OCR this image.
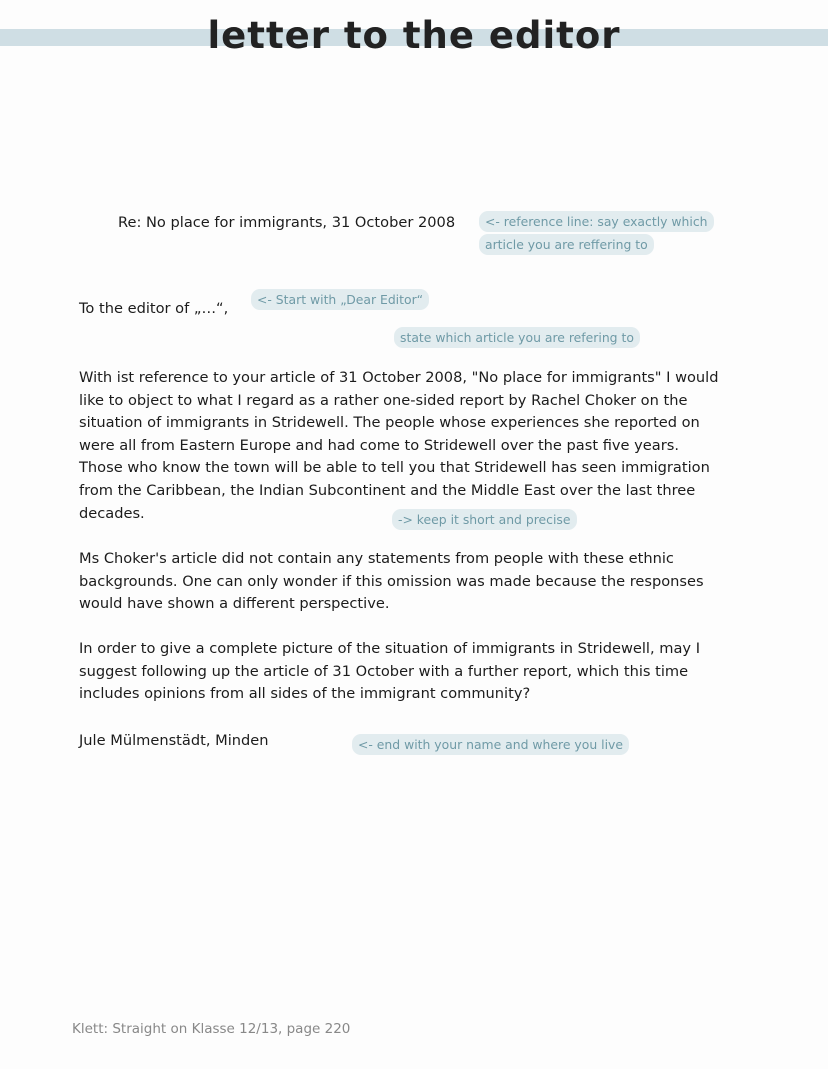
letter to the editor

Re: No place for immigrants, 31 October 2008	<- reference line: say exactly which
article you are reffering to
<- Start with „Dear Editor“

To the editor of „…“,

state which article you are refering to

With ist reference to your article of 31 October 2008, "No place for immigrants" I would like to object to what I regard as a rather one-sided report by Rachel Choker on the situation of immigrants in Stridewell. The people whose experiences she reported on were all from Eastern Europe and had come to Stridewell over the past five years. Those who know the town will be able to tell you that Stridewell has seen immigration from the Caribbean, the Indian Subcontinent and the Middle East over the last three decades.	-> keep it short and precise

Ms Choker's article did not contain any statements from people with these ethnic backgrounds. One can only wonder if this omission was made because the responses would have shown a different perspective.

In order to give a complete picture of the situation of immigrants in Stridewell, may I suggest following up the article of 31 October with a further report, which this time includes opinions from all sides of the immigrant community?

Jule Mülmenstädt, Minden	<- end with your name and where you live
Klett: Straight on Klasse 12/13, page 220
